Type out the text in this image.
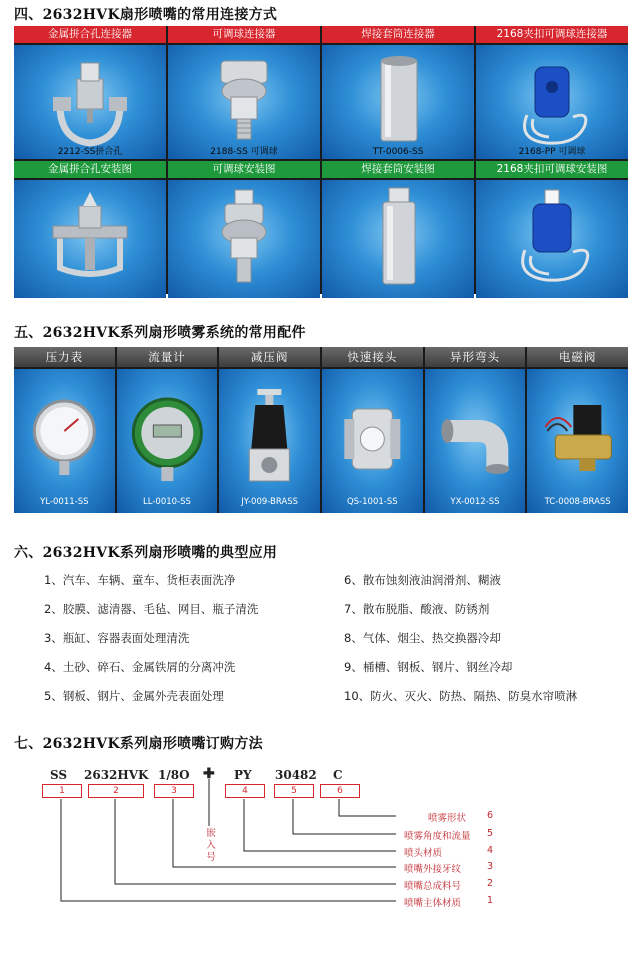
四、2632HVK扇形喷嘴的常用连接方式
金属拼合孔连接器	可调球连接器	焊接套筒连接器	2168夹扣可调球连接器
2212-SS拼合孔	2188-SS 可调球	TT-0006-SS	2168-PP 可调球
金属拼合孔安装图	可调球安装图	焊接套筒安装图	2168夹扣可调球安装图
五、2632HVK系列扇形喷雾系统的常用配件
压力表	流量计	减压阀	快速接头	异形弯头	电磁阀
YL-0011-SS	LL-0010-SS	JY-009-BRASS	QS-1001-SS	YX-0012-SS	TC-0008-BRASS
六、2632HVK系列扇形喷嘴的典型应用
1、汽车、车辆、童车、货柜表面洗净
2、胶膜、滤清器、毛毡、网目、瓶子清洗
3、瓶缸、容器表面处理清洗
4、土砂、碎石、金属铁屑的分离冲洗
5、钢板、钢片、金属外壳表面处理
6、散布蚀刻液油润滑剂、糊液
7、散布脱脂、酸液、防锈剂
8、气体、烟尘、热交换器冷却
9、桶槽、钢板、钢片、钢丝冷却
10、防火、灭火、防热、隔热、防臭水帘喷淋
七、2632HVK系列扇形喷嘴订购方法
SS 2632HVK 1/8O ✚ PY 30482 C
1	2	3	4	5	6
嵌入号
喷雾形状
喷雾角度和流量
喷头材质
喷嘴外接牙纹
喷嘴总成料号
喷嘴主体材质
6
5
4
3
2
1
